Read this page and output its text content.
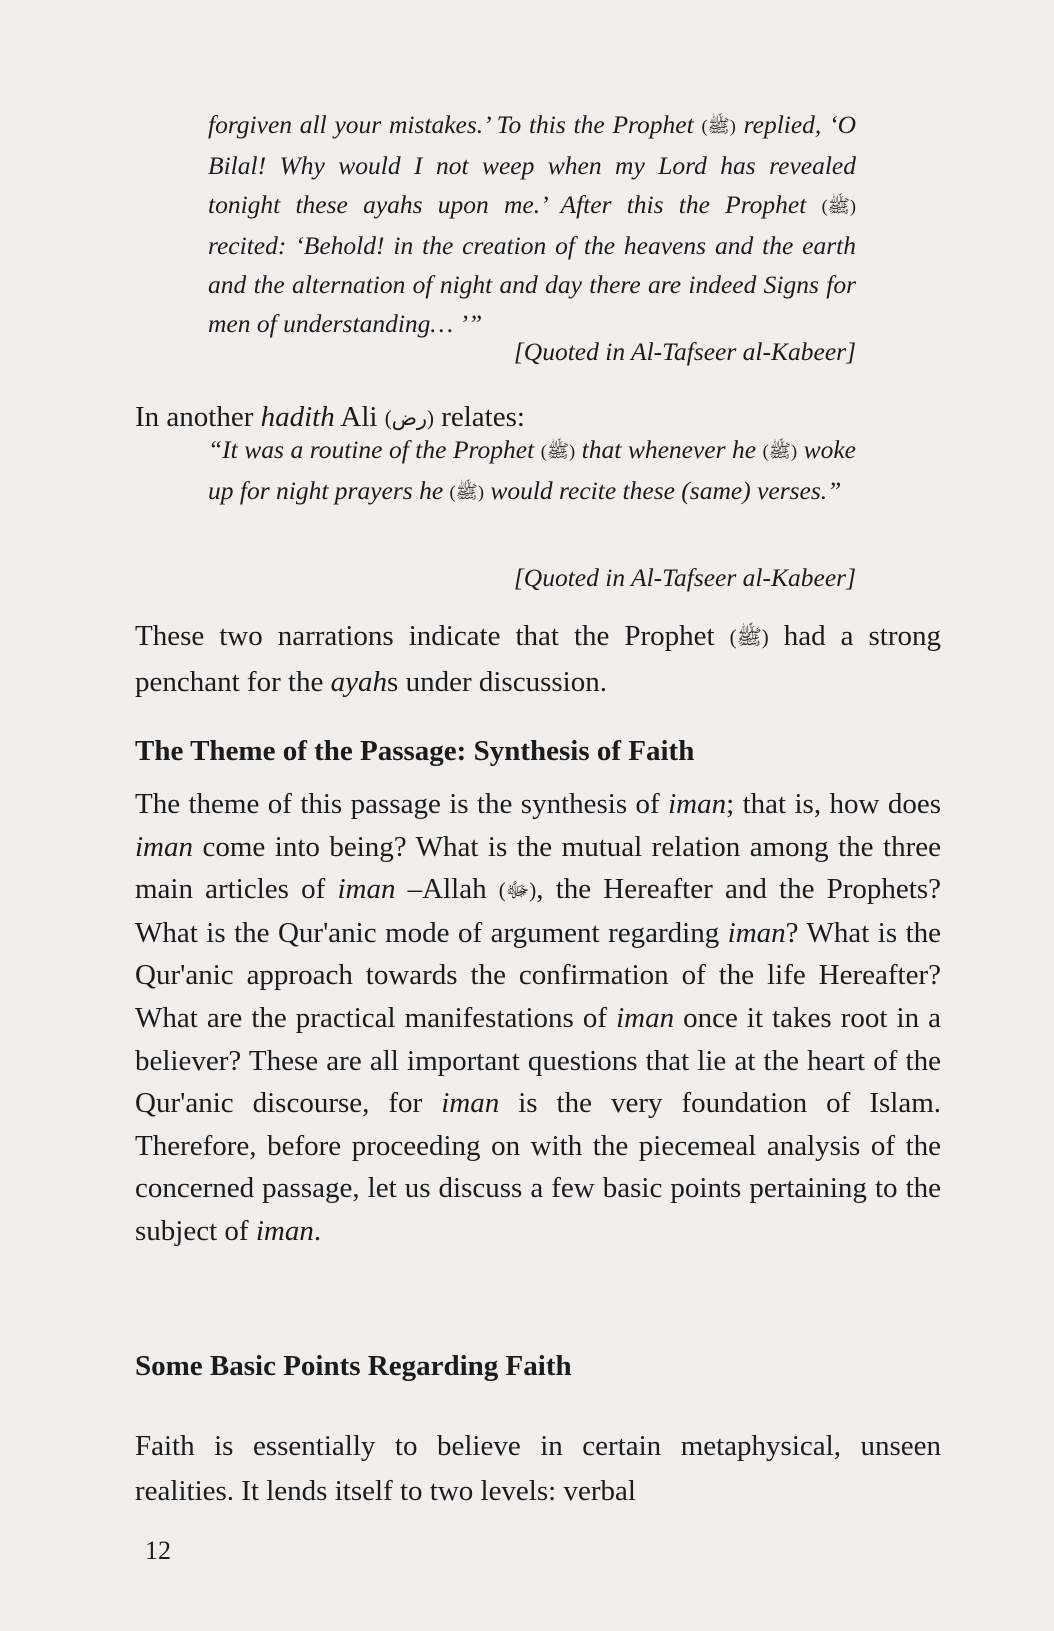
forgiven all your mistakes.’ To this the Prophet (ﷺ) replied, ‘O Bilal! Why would I not weep when my Lord has revealed tonight these ayahs upon me.’ After this the Prophet (ﷺ) recited: ‘Behold! in the creation of the heavens and the earth and the alternation of night and day there are indeed Signs for men of understanding… ’”

[Quoted in Al-Tafseer al-Kabeer]

In another hadith Ali (رض) relates:

“It was a routine of the Prophet (ﷺ) that whenever he (ﷺ) woke up for night prayers he (ﷺ) would recite these (same) verses.”

[Quoted in Al-Tafseer al-Kabeer]

These two narrations indicate that the Prophet (ﷺ) had a strong penchant for the ayahs under discussion.

The Theme of the Passage: Synthesis of Faith

The theme of this passage is the synthesis of iman; that is, how does iman come into being? What is the mutual relation among the three main articles of iman –Allah (ﷻ), the Hereafter and the Prophets? What is the Qur'anic mode of argument regarding iman? What is the Qur'anic approach towards the confirmation of the life Hereafter? What are the practical manifestations of iman once it takes root in a believer? These are all important questions that lie at the heart of the Qur'anic discourse, for iman is the very foundation of Islam. Therefore, before proceeding on with the piecemeal analysis of the concerned passage, let us discuss a few basic points pertaining to the subject of iman.

Some Basic Points Regarding Faith

Faith is essentially to believe in certain metaphysical, unseen realities. It lends itself to two levels: verbal

12
